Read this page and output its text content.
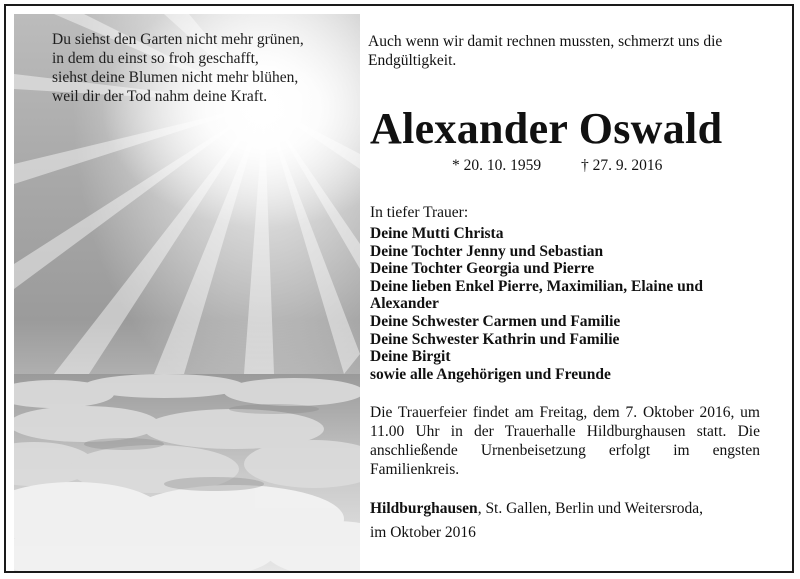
Du siehst den Garten nicht mehr grünen,
in dem du einst so froh geschafft,
siehst deine Blumen nicht mehr blühen,
weil dir der Tod nahm deine Kraft.

Auch wenn wir damit rechnen mussten, schmerzt uns die Endgültigkeit.

Alexander Oswald
* 20. 10. 1959	† 27. 9. 2016
In tiefer Trauer:
Deine Mutti Christa
Deine Tochter Jenny und Sebastian
Deine Tochter Georgia und Pierre
Deine lieben Enkel Pierre, Maximilian, Elaine und Alexander
Deine Schwester Carmen und Familie
Deine Schwester Kathrin und Familie
Deine Birgit
sowie alle Angehörigen und Freunde

Die Trauerfeier findet am Freitag, dem 7. Oktober 2016, um 11.00 Uhr in der Trauerhalle Hildburghausen statt. Die anschließende Urnenbeisetzung erfolgt im engsten Familienkreis.

Hildburghausen, St. Gallen, Berlin und Weitersroda,
im Oktober 2016
